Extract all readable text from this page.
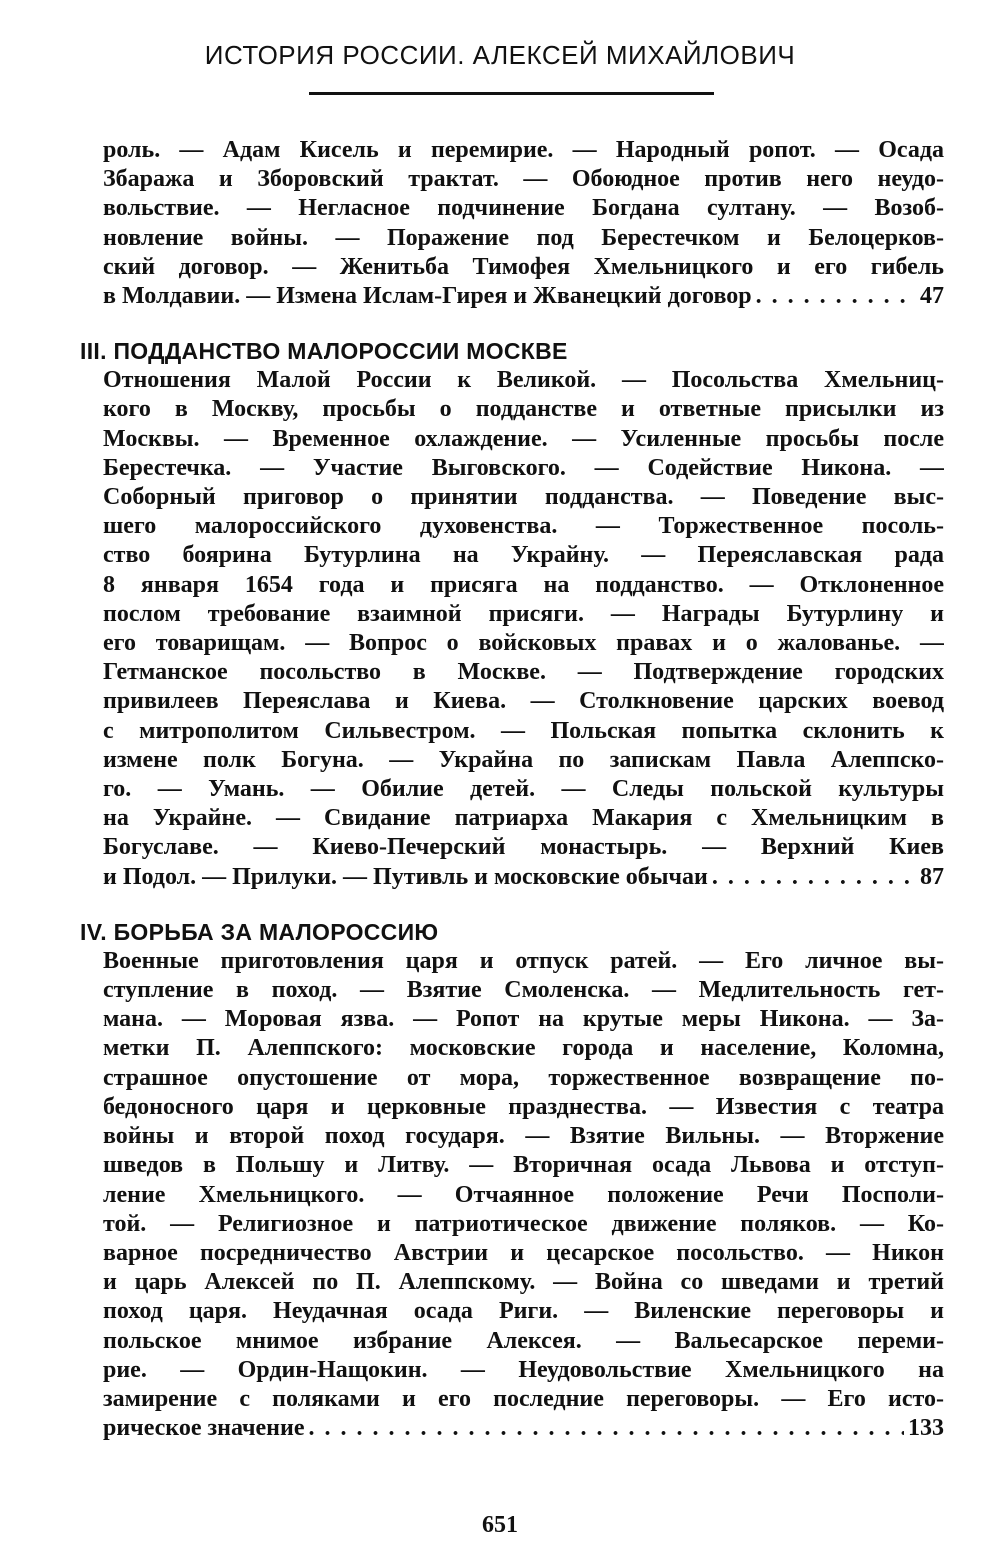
ИСТОРИЯ РОССИИ. АЛЕКСЕЙ МИХАЙЛОВИЧ
роль. — Адам Кисель и перемирие. — Народный ропот. — Осада
Збаража и Зборовский трактат. — Обоюдное против него неудо-
вольствие. — Негласное подчинение Богдана султану. — Возоб-
новление войны. — Поражение под Берестечком и Белоцерков-
ский договор. — Женитьба Тимофея Хмельницкого и его гибель
в Молдавии. — Измена Ислам-Гирея и Жванецкий договор . . .	47
III. ПОДДАНСТВО МАЛОРОССИИ МОСКВЕ
Отношения Малой России к Великой. — Посольства Хмельниц-
кого в Москву, просьбы о подданстве и ответные присылки из
Москвы. — Временное охлаждение. — Усиленные просьбы после
Берестечка. — Участие Выговского. — Содействие Никона. —
Соборный приговор о принятии подданства. — Поведение выс-
шего малороссийского духовенства. — Торжественное посоль-
ство боярина Бутурлина на Украйну. — Переяславская рада
8 января 1654 года и присяга на подданство. — Отклоненное
послом требование взаимной присяги. — Награды Бутурлину и
его товарищам. — Вопрос о войсковых правах и о жалованье. —
Гетманское посольство в Москве. — Подтверждение городских
привилеев Переяслава и Киева. — Столкновение царских воевод
с митрополитом Сильвестром. — Польская попытка склонить к
измене полк Богуна. — Украйна по запискам Павла Алеппско-
го. — Умань. — Обилие детей. — Следы польской культуры
на Украйне. — Свидание патриарха Макария с Хмельницким в
Богуславе. — Киево-Печерский монастырь. — Верхний Киев
и Подол. — Прилуки. — Путивль и московские обычаи . . .	87
IV. БОРЬБА ЗА МАЛОРОССИЮ
Военные приготовления царя и отпуск ратей. — Его личное вы-
ступление в поход. — Взятие Смоленска. — Медлительность гет-
мана. — Моровая язва. — Ропот на крутые меры Никона. — За-
метки П. Алеппского: московские города и население, Коломна,
страшное опустошение от мора, торжественное возвращение по-
бедоносного царя и церковные празднества. — Известия с театра
войны и второй поход государя. — Взятие Вильны. — Вторжение
шведов в Польшу и Литву. — Вторичная осада Львова и отступ-
ление Хмельницкого. — Отчаянное положение Речи Посполи-
той. — Религиозное и патриотическое движение поляков. — Ко-
варное посредничество Австрии и цесарское посольство. — Никон
и царь Алексей по П. Алеппскому. — Война со шведами и третий
поход царя. Неудачная осада Риги. — Виленские переговоры и
польское мнимое избрание Алексея. — Вальесарское переми-
рие. — Ордин-Нащокин. — Неудовольствие Хмельницкого на
замирение с поляками и его последние переговоры. — Его исто-
рическое значение . . .	133
651
